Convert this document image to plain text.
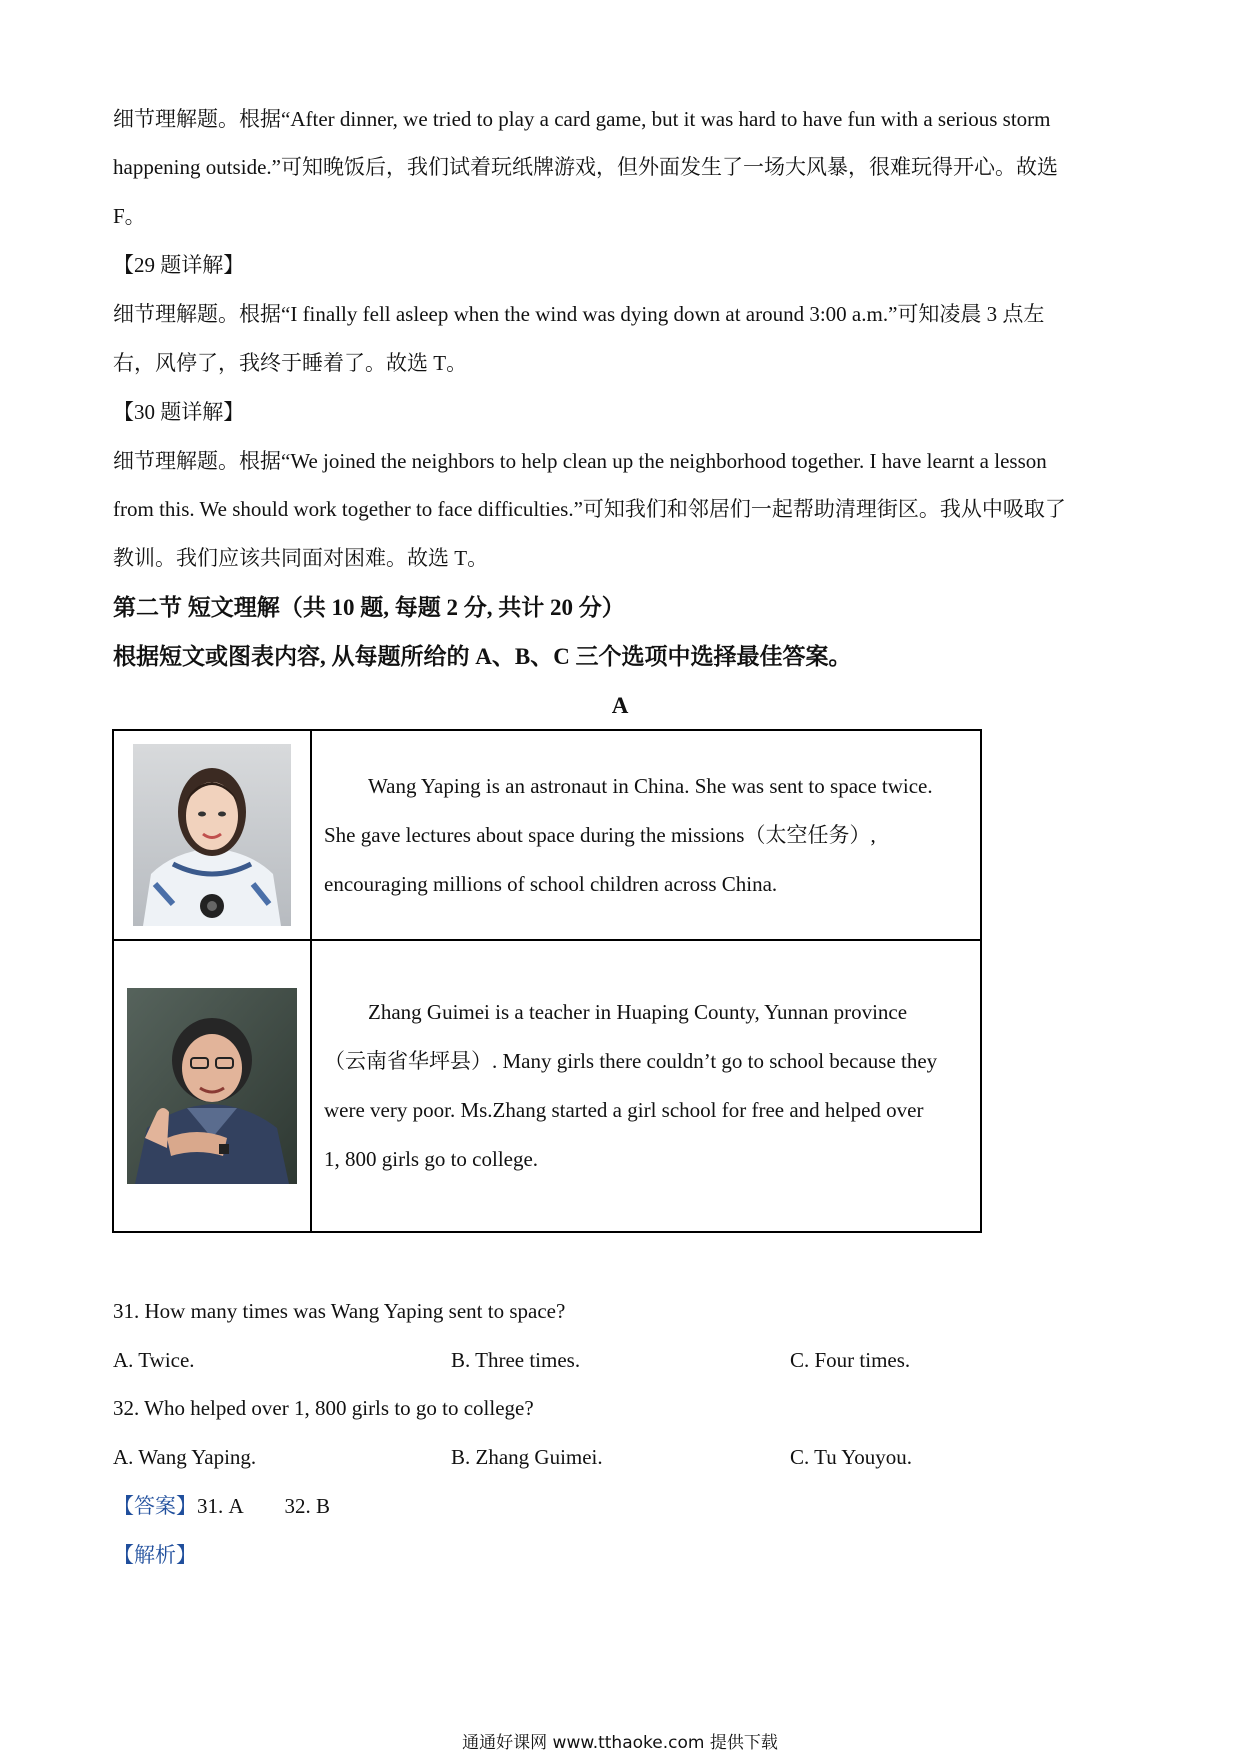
细节理解题。根据“After dinner, we tried to play a card game, but it was hard to have fun with a serious storm
happening outside.”可知晚饭后，我们试着玩纸牌游戏，但外面发生了一场大风暴，很难玩得开心。故选
F。
【29 题详解】
细节理解题。根据“I finally fell asleep when the wind was dying down at around 3:00 a.m.”可知凌晨 3 点左
右，风停了，我终于睡着了。故选 T。
【30 题详解】
细节理解题。根据“We joined the neighbors to help clean up the neighborhood together. I have learnt a lesson
from this. We should work together to face difficulties.”可知我们和邻居们一起帮助清理街区。我从中吸取了
教训。我们应该共同面对困难。故选 T。
第二节 短文理解（共 10 题, 每题 2 分, 共计 20 分）
根据短文或图表内容, 从每题所给的 A、B、C 三个选项中选择最佳答案。
A

Wang Yaping is an astronaut in China. She was sent to space twice.
She gave lectures about space during the missions（太空任务）,
encouraging millions of school children across China.

Zhang Guimei is a teacher in Huaping County, Yunnan province
（云南省华坪县）. Many girls there couldn’t go to school because they
were very poor. Ms.Zhang started a girl school for free and helped over
1, 800 girls go to college.
31. How many times was Wang Yaping sent to space?
A. Twice.	B. Three times.	C. Four times.
32. Who helped over 1, 800 girls to go to college?
A. Wang Yaping.	B. Zhang Guimei.	C. Tu Youyou.
【答案】31. A        32. B
【解析】
通通好课网 www.tthaoke.com 提供下载
